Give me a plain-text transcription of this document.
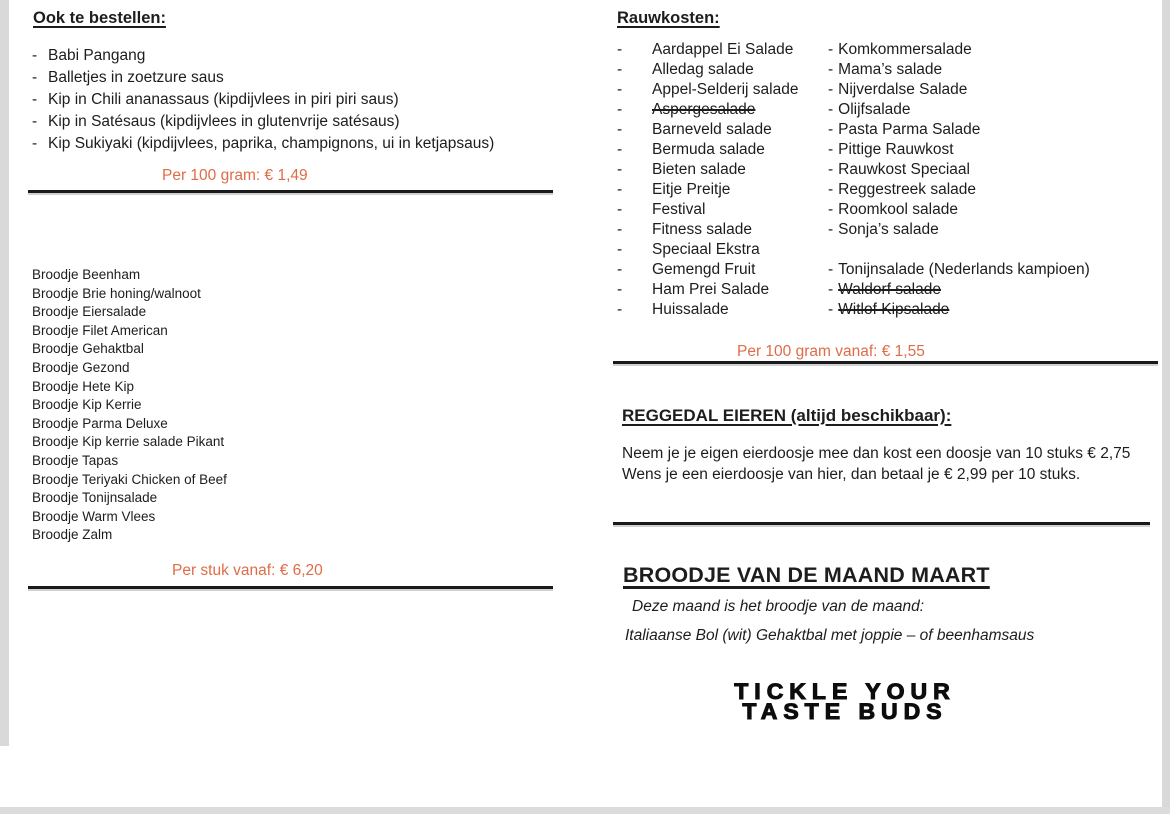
Ook te bestellen:
- Babi Pangang
- Balletjes in zoetzure saus
- Kip in Chili ananassaus (kipdijvlees in piri piri saus)
- Kip in Satésaus (kipdijvlees in glutenvrije satésaus)
- Kip Sukiyaki (kipdijvlees, paprika, champignons, ui in ketjapsaus)
Per 100 gram: € 1,49
Broodje Beenham
Broodje Brie honing/walnoot
Broodje Eiersalade
Broodje Filet American
Broodje Gehaktbal
Broodje Gezond
Broodje Hete Kip
Broodje Kip Kerrie
Broodje Parma Deluxe
Broodje Kip kerrie salade Pikant
Broodje Tapas
Broodje Teriyaki Chicken of Beef
Broodje Tonijnsalade
Broodje Warm Vlees
Broodje Zalm
Per stuk vanaf: € 6,20
Rauwkosten:
-	Aardappel Ei Salade	- Komkommersalade
-	Alledag salade	- Mama’s salade
-	Appel-Selderij salade	- Nijverdalse Salade
-	Aspergesalade	- Olijfsalade
-	Barneveld salade	- Pasta Parma Salade
-	Bermuda salade	- Pittige Rauwkost
-	Bieten salade	- Rauwkost Speciaal
-	Eitje Preitje	- Reggestreek salade
-	Festival	- Roomkool salade
-	Fitness salade	- Sonja’s salade
-	Speciaal Ekstra
-	Gemengd Fruit	- Tonijnsalade (Nederlands kampioen)
-	Ham Prei Salade	- Waldorf salade
-	Huissalade	- Witlof Kipsalade
Per 100 gram vanaf: € 1,55
REGGEDAL EIEREN (altijd beschikbaar):
Neem je je eigen eierdoosje mee dan kost een doosje van 10 stuks € 2,75
Wens je een eierdoosje van hier, dan betaal je € 2,99 per 10 stuks.
BROODJE VAN DE MAAND MAART
Deze maand is het broodje van de maand:
Italiaanse Bol (wit) Gehaktbal met joppie – of beenhamsaus
TICKLE YOUR
TASTE BUDS
